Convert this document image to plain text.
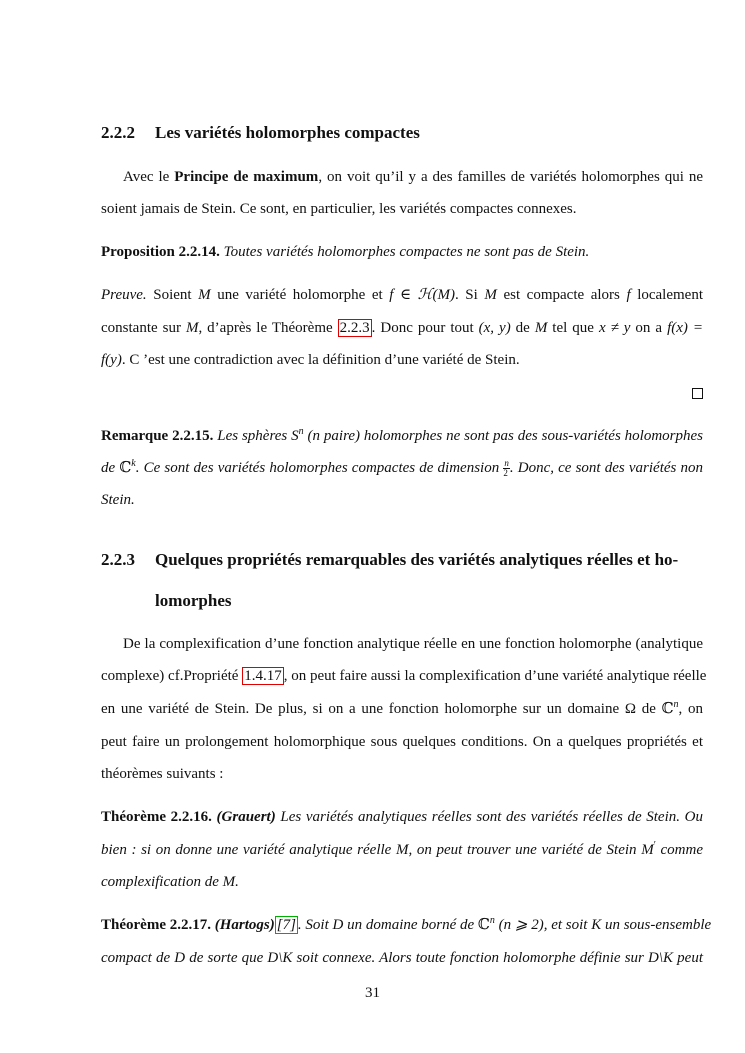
2.2.2 Les variétés holomorphes compactes
Avec le Principe de maximum, on voit qu’il y a des familles de variétés holomorphes qui ne
soient jamais de Stein. Ce sont, en particulier, les variétés compactes connexes.
Proposition 2.2.14. Toutes variétés holomorphes compactes ne sont pas de Stein.
Preuve. Soient M une variété holomorphe et f ∈ ℋ(M). Si M est compacte alors f localement
constante sur M, d’après le Théorème 2.2.3 . Donc pour tout (x, y) de M tel que x ≠ y on a f(x) =
f(y). C ’est une contradiction avec la définition d’une variété de Stein.
Remarque 2.2.15. Les sphères $S^n$ (n paire) holomorphes ne sont pas des sous-variétés holomorphes
de ℂ$^k$. Ce sont des variétés holomorphes compactes de dimension $\frac{n}{2}$ . Donc, ce sont des variétés non
Stein.
2.2.3 Quelques propriétés remarquables des variétés analytiques réelles et ho-
lomorphes
De la complexification d’une fonction analytique réelle en une fonction holomorphe (analytique
complexe) cf.Propriété 1.4.17 , on peut faire aussi la complexification d’une variété analytique réelle
en une variété de Stein. De plus, si on a une fonction holomorphe sur un domaine Ω de ℂ$^n$, on
peut faire un prolongement holomorphique sous quelques conditions. On a quelques propriétés et
théorèmes suivants :
Théorème 2.2.16. (Grauert) Les variétés analytiques réelles sont des variétés réelles de Stein. Ou
bien : si on donne une variété analytique réelle M, on peut trouver une variété de Stein M′ comme
complexification de M.
Théorème 2.2.17. (Hartogs) [7] . Soit D un domaine borné de ℂ$^n$ (n ⩾ 2), et soit K un sous-ensemble
compact de D de sorte que D\K soit connexe. Alors toute fonction holomorphe définie sur D\K peut
31
